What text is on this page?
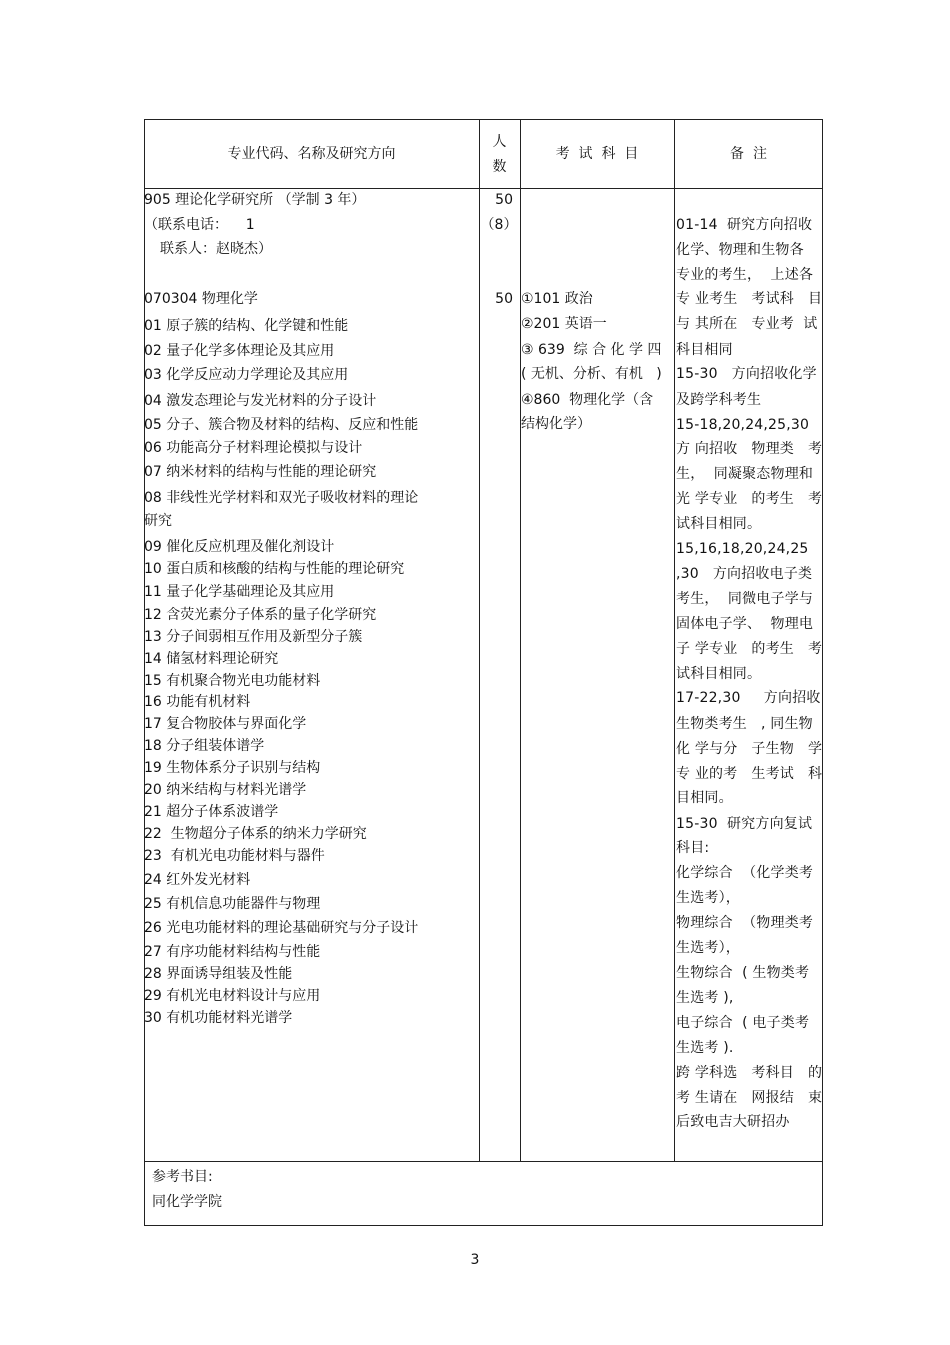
专业代码、名称及研究方向
人
数
考  试  科  目	备  注
905 理论化学研究所 （学制 3 年）
（联系电话：    1
联系人：赵晓杰）
50
（8）
070304 物理化学	50
01 原子簇的结构、化学键和性能
02 量子化学多体理论及其应用
03 化学反应动力学理论及其应用
04 激发态理论与发光材料的分子设计
05 分子、簇合物及材料的结构、反应和性能
06 功能高分子材料理论模拟与设计
07 纳米材料的结构与性能的理论研究
08 非线性光学材料和双光子吸收材料的理论
研究
09 催化反应机理及催化剂设计
10 蛋白质和核酸的结构与性能的理论研究
11 量子化学基础理论及其应用
12 含荧光素分子体系的量子化学研究
13 分子间弱相互作用及新型分子簇
14 储氢材料理论研究
15 有机聚合物光电功能材料
16 功能有机材料
17 复合物胶体与界面化学
18 分子组装体谱学
19 生物体系分子识别与结构
20 纳米结构与材料光谱学
21 超分子体系波谱学
22  生物超分子体系的纳米力学研究
23  有机光电功能材料与器件
24 红外发光材料
25 有机信息功能器件与物理
26 光电功能材料的理论基础研究与分子设计
27 有序功能材料结构与性能
28 界面诱导组装及性能
29 有机光电材料设计与应用
30 有机功能材料光谱学
①101 政治
②201 英语一
③ 639  综 合 化 学 四
( 无机、分析、有机   )
④860  物理化学（含
结构化学）
01-14  研究方向招收
化学、物理和生物各
专业的考生，  上述各
专 业考生   考试科   目
与 其所在   专业考  试
科目相同
15-30   方向招收化学
及跨学科考生
15-18,20,24,25,30
方 向招收   物理类   考
生，  同凝聚态物理和
光 学专业   的考生   考
试科目相同。
15,16,18,20,24,25
,30   方向招收电子类
考生，  同微电子学与
固体电子学、  物理电
子 学专业   的考生   考
试科目相同。
17-22,30     方向招收
生物类考生   , 同生物
化 学与分   子生物   学
专 业的考   生考试   科
目相同。
15-30  研究方向复试
科目:
化学综合  （化学类考
生选考），
物理综合  （物理类考
生选考），
生物综合  ( 生物类考
生选考 ),
电子综合  ( 电子类考
生选考 ).
跨 学科选   考科目   的
考 生请在   网报结   束
后致电吉大研招办
参考书目:
同化学学院
3
